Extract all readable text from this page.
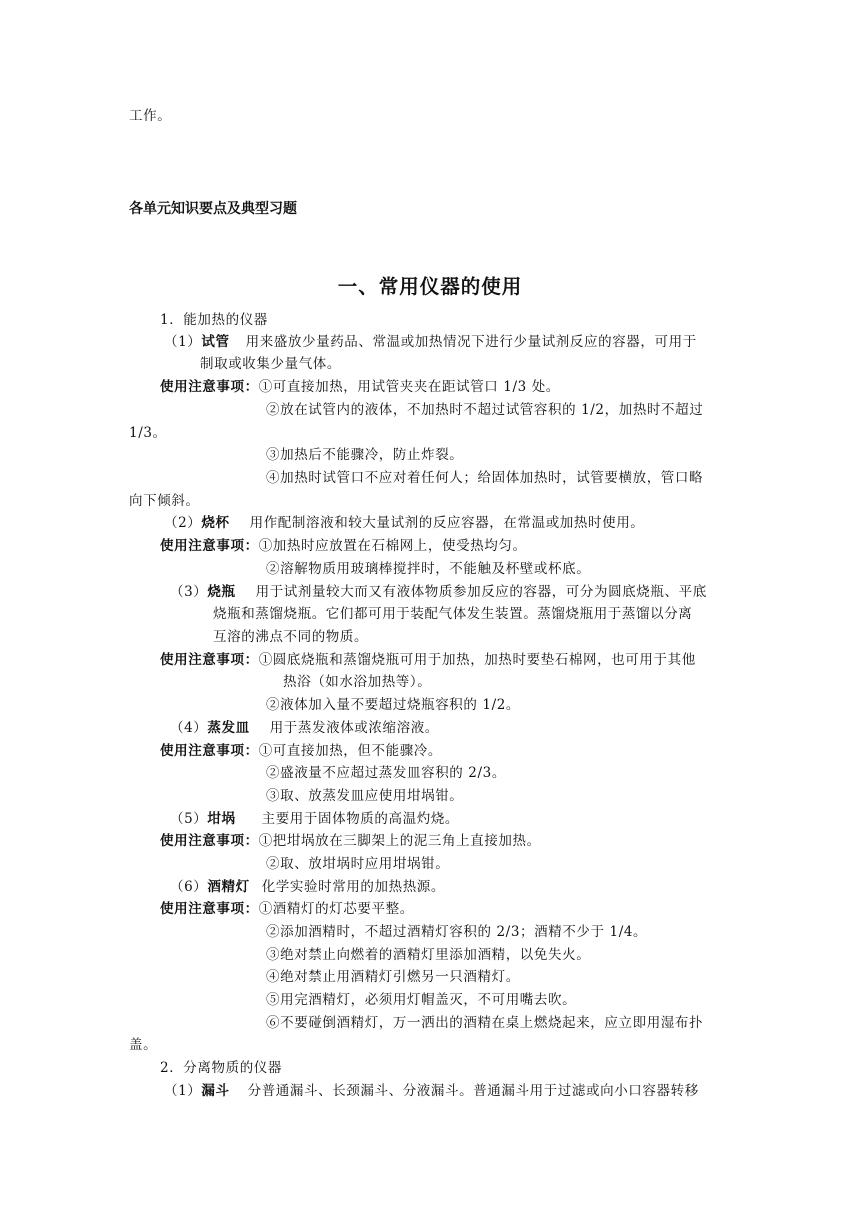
工作。
各单元知识要点及典型习题
一、常用仪器的使用
1．能加热的仪器
（1）试管 用来盛放少量药品、常温或加热情况下进行少量试剂反应的容器，可用于
制取或收集少量气体。
使用注意事项：①可直接加热，用试管夹夹在距试管口 1/3 处。
②放在试管内的液体，不加热时不超过试管容积的 1/2，加热时不超过
1/3。
③加热后不能骤冷，防止炸裂。
④加热时试管口不应对着任何人；给固体加热时，试管要横放，管口略
向下倾斜。
（2）烧杯 用作配制溶液和较大量试剂的反应容器，在常温或加热时使用。
使用注意事项：①加热时应放置在石棉网上，使受热均匀。
②溶解物质用玻璃棒搅拌时，不能触及杯壁或杯底。
（3）烧瓶 用于试剂量较大而又有液体物质参加反应的容器，可分为圆底烧瓶、平底
烧瓶和蒸馏烧瓶。它们都可用于装配气体发生装置。蒸馏烧瓶用于蒸馏以分离
互溶的沸点不同的物质。
使用注意事项：①圆底烧瓶和蒸馏烧瓶可用于加热，加热时要垫石棉网，也可用于其他
热浴（如水浴加热等）。
②液体加入量不要超过烧瓶容积的 1/2。
（4）蒸发皿 用于蒸发液体或浓缩溶液。
使用注意事项：①可直接加热，但不能骤冷。
②盛液量不应超过蒸发皿容积的 2/3。
③取、放蒸发皿应使用坩埚钳。
（5）坩埚 主要用于固体物质的高温灼烧。
使用注意事项：①把坩埚放在三脚架上的泥三角上直接加热。
②取、放坩埚时应用坩埚钳。
（6）酒精灯 化学实验时常用的加热热源。
使用注意事项：①酒精灯的灯芯要平整。
②添加酒精时，不超过酒精灯容积的 2/3；酒精不少于 1/4。
③绝对禁止向燃着的酒精灯里添加酒精，以免失火。
④绝对禁止用酒精灯引燃另一只酒精灯。
⑤用完酒精灯，必须用灯帽盖灭，不可用嘴去吹。
⑥不要碰倒酒精灯，万一洒出的酒精在桌上燃烧起来，应立即用湿布扑
盖。
2．分离物质的仪器
（1）漏斗 分普通漏斗、长颈漏斗、分液漏斗。普通漏斗用于过滤或向小口容器转移
